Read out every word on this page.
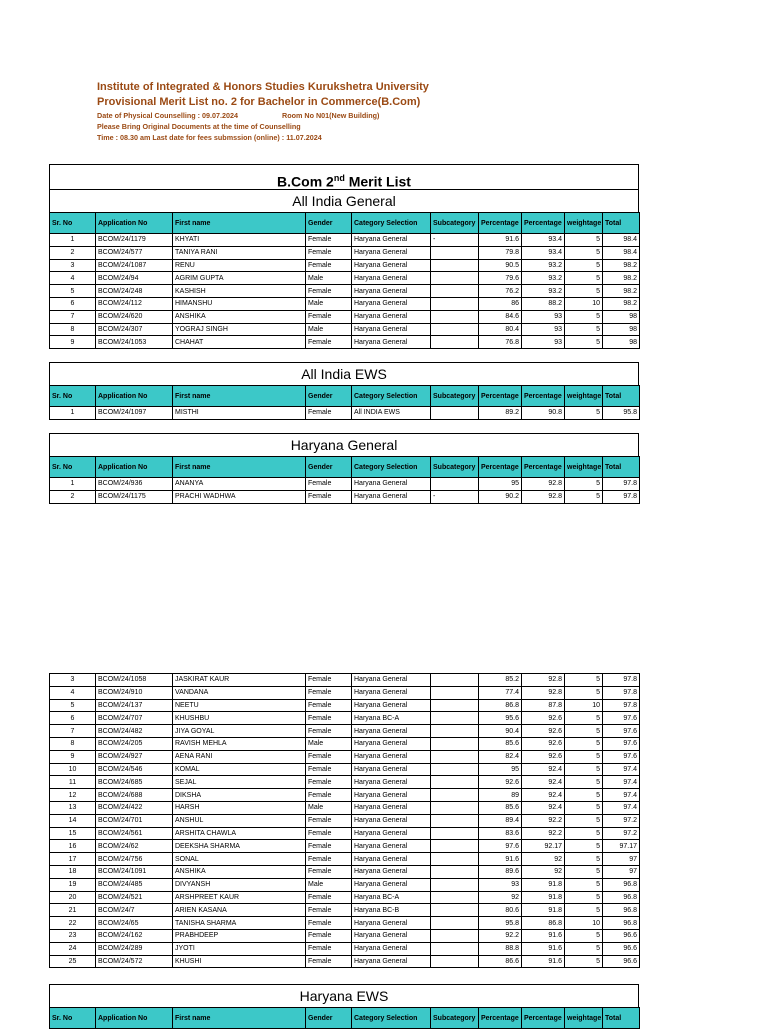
Institute of Integrated & Honors Studies Kurukshetra University
Provisional Merit List no. 2 for Bachelor in Commerce(B.Com)
Date of Physical Counselling : 09.07.2024	Room No N01(New Building)
Please Bring Original Documents at the time of Counselling
Time : 08.30 am Last date for fees submssion (online) : 11.07.2024
B.Com 2nd Merit List
All India General
Sr. No	Application No	First name	Gender	Category Selection	Subcategory	Percentage	Percentage	weightage	Total
1	BCOM/24/1179	KHYATI	Female	Haryana General	-	91.6	93.4	5	98.4
2	BCOM/24/577	TANIYA RANI	Female	Haryana General		79.8	93.4	5	98.4
3	BCOM/24/1087	RENU	Female	Haryana General		90.5	93.2	5	98.2
4	BCOM/24/94	AGRIM GUPTA	Male	Haryana General		79.6	93.2	5	98.2
5	BCOM/24/248	KASHISH	Female	Haryana General		76.2	93.2	5	98.2
6	BCOM/24/112	HIMANSHU	Male	Haryana General		86	88.2	10	98.2
7	BCOM/24/620	ANSHIKA	Female	Haryana General		84.6	93	5	98
8	BCOM/24/307	YOGRAJ SINGH	Male	Haryana General		80.4	93	5	98
9	BCOM/24/1053	CHAHAT	Female	Haryana General		76.8	93	5	98
All India EWS
Sr. No	Application No	First name	Gender	Category Selection	Subcategory	Percentage	Percentage	weightage	Total
1	BCOM/24/1097	MISTHI	Female	All INDIA EWS		89.2	90.8	5	95.8
Haryana General
Sr. No	Application No	First name	Gender	Category Selection	Subcategory	Percentage	Percentage	weightage	Total
1	BCOM/24/936	ANANYA	Female	Haryana General		95	92.8	5	97.8
2	BCOM/24/1175	PRACHI WADHWA	Female	Haryana General	-	90.2	92.8	5	97.8
3	BCOM/24/1058	JASKIRAT KAUR	Female	Haryana General		85.2	92.8	5	97.8
4	BCOM/24/910	VANDANA	Female	Haryana General		77.4	92.8	5	97.8
5	BCOM/24/137	NEETU	Female	Haryana General		86.8	87.8	10	97.8
6	BCOM/24/707	KHUSHBU	Female	Haryana BC-A		95.6	92.6	5	97.6
7	BCOM/24/482	JIYA GOYAL	Female	Haryana General		90.4	92.6	5	97.6
8	BCOM/24/205	RAVISH MEHLA	Male	Haryana General		85.6	92.6	5	97.6
9	BCOM/24/927	AENA RANI	Female	Haryana General		82.4	92.6	5	97.6
10	BCOM/24/546	KOMAL	Female	Haryana General		95	92.4	5	97.4
11	BCOM/24/685	SEJAL	Female	Haryana General		92.6	92.4	5	97.4
12	BCOM/24/688	DIKSHA	Female	Haryana General		89	92.4	5	97.4
13	BCOM/24/422	HARSH	Male	Haryana General		85.6	92.4	5	97.4
14	BCOM/24/701	ANSHUL	Female	Haryana General		89.4	92.2	5	97.2
15	BCOM/24/561	ARSHITA CHAWLA	Female	Haryana General		83.6	92.2	5	97.2
16	BCOM/24/62	DEEKSHA SHARMA	Female	Haryana General		97.6	92.17	5	97.17
17	BCOM/24/756	SONAL	Female	Haryana General		91.6	92	5	97
18	BCOM/24/1091	ANSHIKA	Female	Haryana General		89.6	92	5	97
19	BCOM/24/485	DIVYANSH	Male	Haryana General		93	91.8	5	96.8
20	BCOM/24/521	ARSHPREET KAUR	Female	Haryana BC-A		92	91.8	5	96.8
21	BCOM/24/7	ARIEN KASANA	Female	Haryana BC-B		80.6	91.8	5	96.8
22	BCOM/24/65	TANISHA SHARMA	Female	Haryana General		95.8	86.8	10	96.8
23	BCOM/24/162	PRABHDEEP	Female	Haryana General		92.2	91.6	5	96.6
24	BCOM/24/289	JYOTI	Female	Haryana General		88.8	91.6	5	96.6
25	BCOM/24/572	KHUSHI	Female	Haryana General		86.6	91.6	5	96.6
Haryana EWS
Sr. No	Application No	First name	Gender	Category Selection	Subcategory	Percentage	Percentage	weightage	Total
